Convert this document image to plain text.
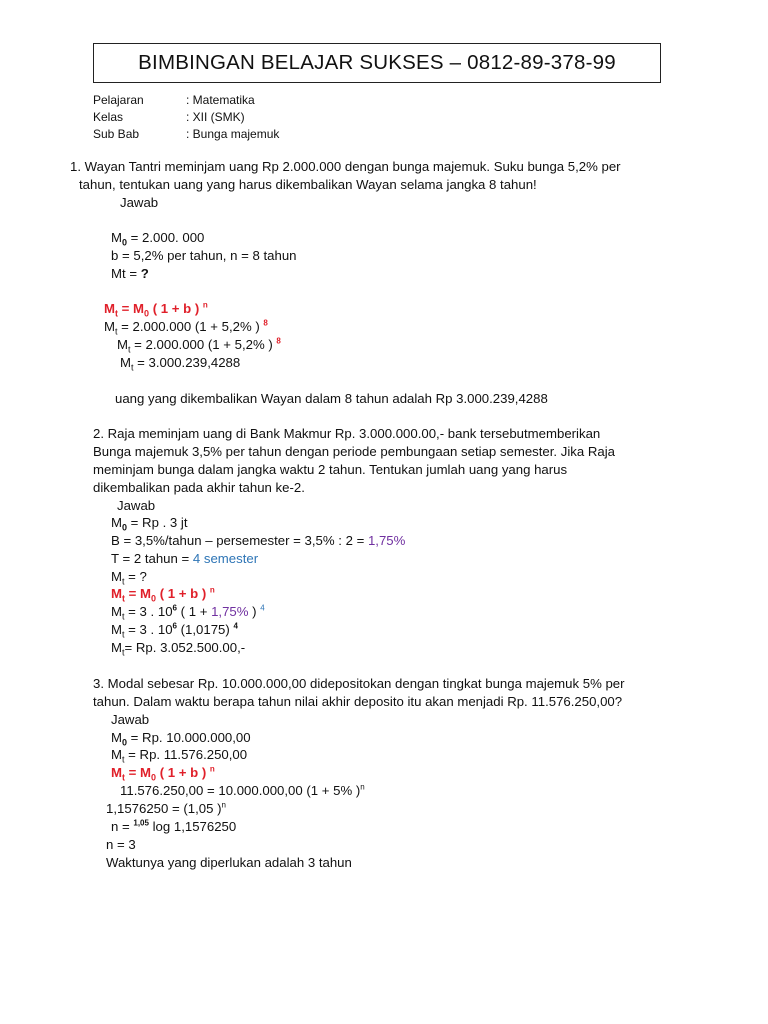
BIMBINGAN BELAJAR SUKSES – 0812-89-378-99
Pelajaran	: Matematika
Kelas	: XII (SMK)
Sub Bab	: Bunga majemuk
1. Wayan Tantri meminjam uang Rp 2.000.000 dengan bunga majemuk. Suku bunga 5,2% per
tahun, tentukan uang yang harus dikembalikan Wayan selama jangka 8 tahun!
Jawab
$M_0 = 2.000$. 000
b = 5,2% per tahun, n = 8 tahun
Mt = ?
$M_t = M_0$ ( 1 + b ) $^n$
$M_t = 2.000.000$ (1 + 5,2% ) $^8$
$M_t = 2.000.000$ (1 + 5,2% ) $^8$
$M_t = 3.000.239,4288$
uang yang dikembalikan Wayan dalam 8 tahun adalah Rp 3.000.239,4288
2. Raja meminjam uang di Bank Makmur Rp. 3.000.000.00,- bank tersebutmemberikan
Bunga majemuk 3,5% per tahun dengan periode pembungaan setiap semester. Jika Raja
meminjam bunga dalam jangka waktu 2 tahun. Tentukan jumlah uang yang harus
dikembalikan pada akhir tahun ke-2.
Jawab
$M_0 = Rp$ . 3 jt
B = 3,5%/tahun – persemester = 3,5% : 2 = 1,75%
T = 2 tahun = 4 semester
$M_t$ = ?
$M_t = M_0$ ( 1 + b ) $^n$
$M_t = 3$ . $10^6$ ( 1 + 1,75% ) $^4$
$M_t = 3$ . $10^6$ (1,0175) $^4$
$M_t= Rp$. 3.052.500.00,-
3. Modal sebesar Rp. 10.000.000,00 didepositokan dengan tingkat bunga majemuk 5% per
tahun. Dalam waktu berapa tahun nilai akhir deposito itu akan menjadi Rp. 11.576.250,00?
Jawab
$M_0 = Rp$. 10.000.000,00
$M_t = Rp$. 11.576.250,00
$M_t = M_0$ ( 1 + b ) $^n$
11.576.250,00 = 10.000.000,00 (1 + 5% )$^n$
1,1576250 = (1,05 )$^n$
n = $^{1,05}$ log 1,1576250
n = 3
Waktunya yang diperlukan adalah 3 tahun
